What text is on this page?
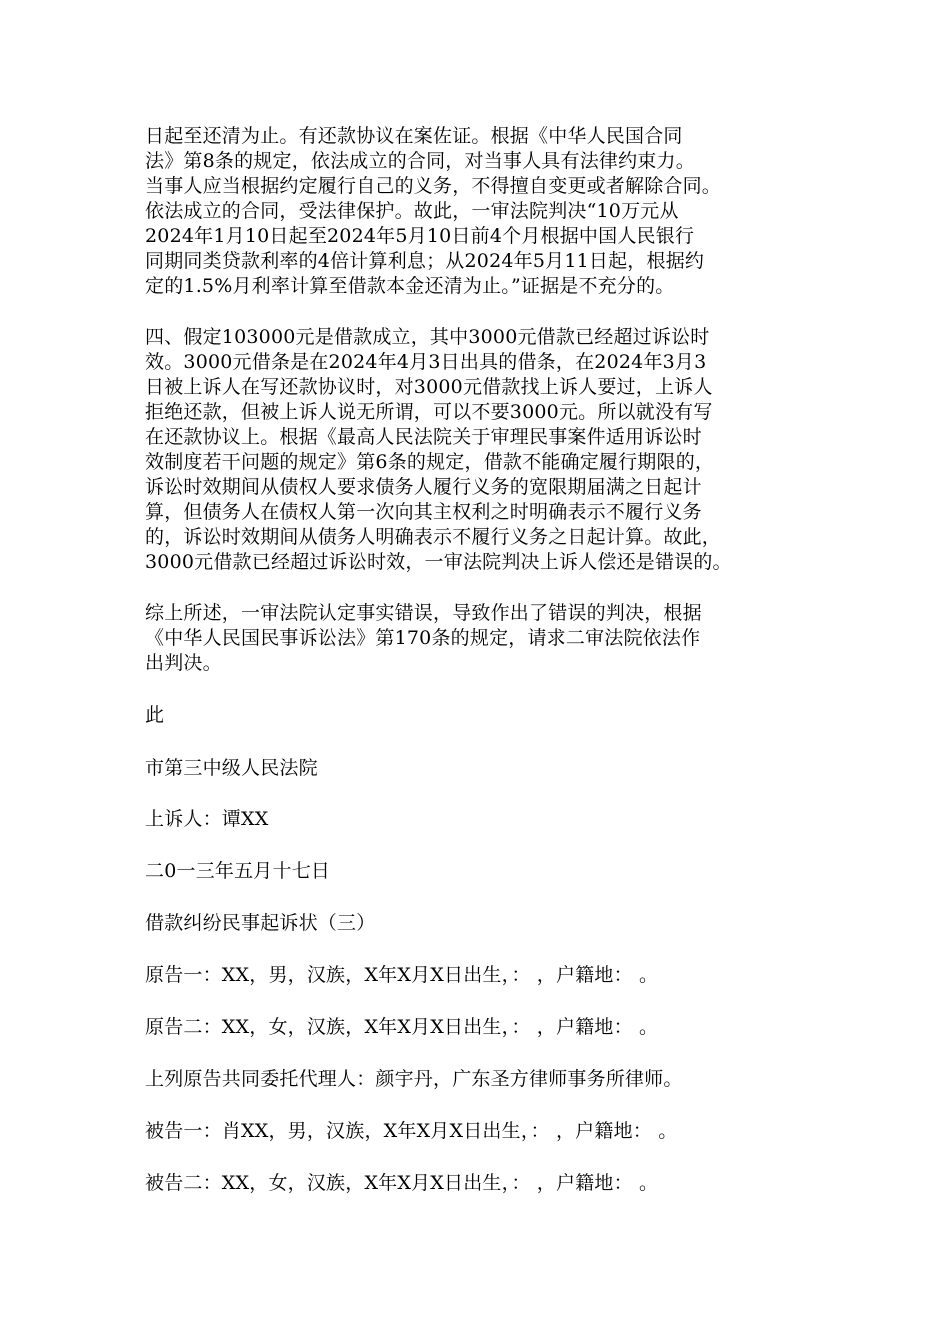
日起至还清为止。有还款协议在案佐证。根据《中华人民国合同
法》第8条的规定，依法成立的合同，对当事人具有法律约束力。
当事人应当根据约定履行自己的义务，不得擅自变更或者解除合同。
依法成立的合同，受法律保护。故此，一审法院判决“10万元从
2024年1月10日起至2024年5月10日前4个月根据中国人民银行
同期同类贷款利率的4倍计算利息；从2024年5月11日起，根据约
定的1.5%月利率计算至借款本金还清为止。”证据是不充分的。
四、假定103000元是借款成立，其中3000元借款已经超过诉讼时
效。3000元借条是在2024年4月3日出具的借条，在2024年3月3
日被上诉人在写还款协议时，对3000元借款找上诉人要过，上诉人
拒绝还款，但被上诉人说无所谓，可以不要3000元。所以就没有写
在还款协议上。根据《最高人民法院关于审理民事案件适用诉讼时
效制度若干问题的规定》第6条的规定，借款不能确定履行期限的，
诉讼时效期间从债权人要求债务人履行义务的宽限期届满之日起计
算，但债务人在债权人第一次向其主权利之时明确表示不履行义务
的，诉讼时效期间从债务人明确表示不履行义务之日起计算。故此，
3000元借款已经超过诉讼时效，一审法院判决上诉人偿还是错误的。
综上所述，一审法院认定事实错误，导致作出了错误的判决，根据
《中华人民国民事诉讼法》第170条的规定，请求二审法院依法作
出判决。
此
市第三中级人民法院
上诉人：谭XX
二0一三年五月十七日
借款纠纷民事起诉状（三）
原告一：XX，男，汉族，X年X月X日出生，： ，户籍地： 。
原告二：XX，女，汉族，X年X月X日出生，： ，户籍地： 。
上列原告共同委托代理人：颜宇丹，广东圣方律师事务所律师。
被告一：肖XX，男，汉族，X年X月X日出生，： ，户籍地： 。
被告二：XX，女，汉族，X年X月X日出生，： ，户籍地： 。
